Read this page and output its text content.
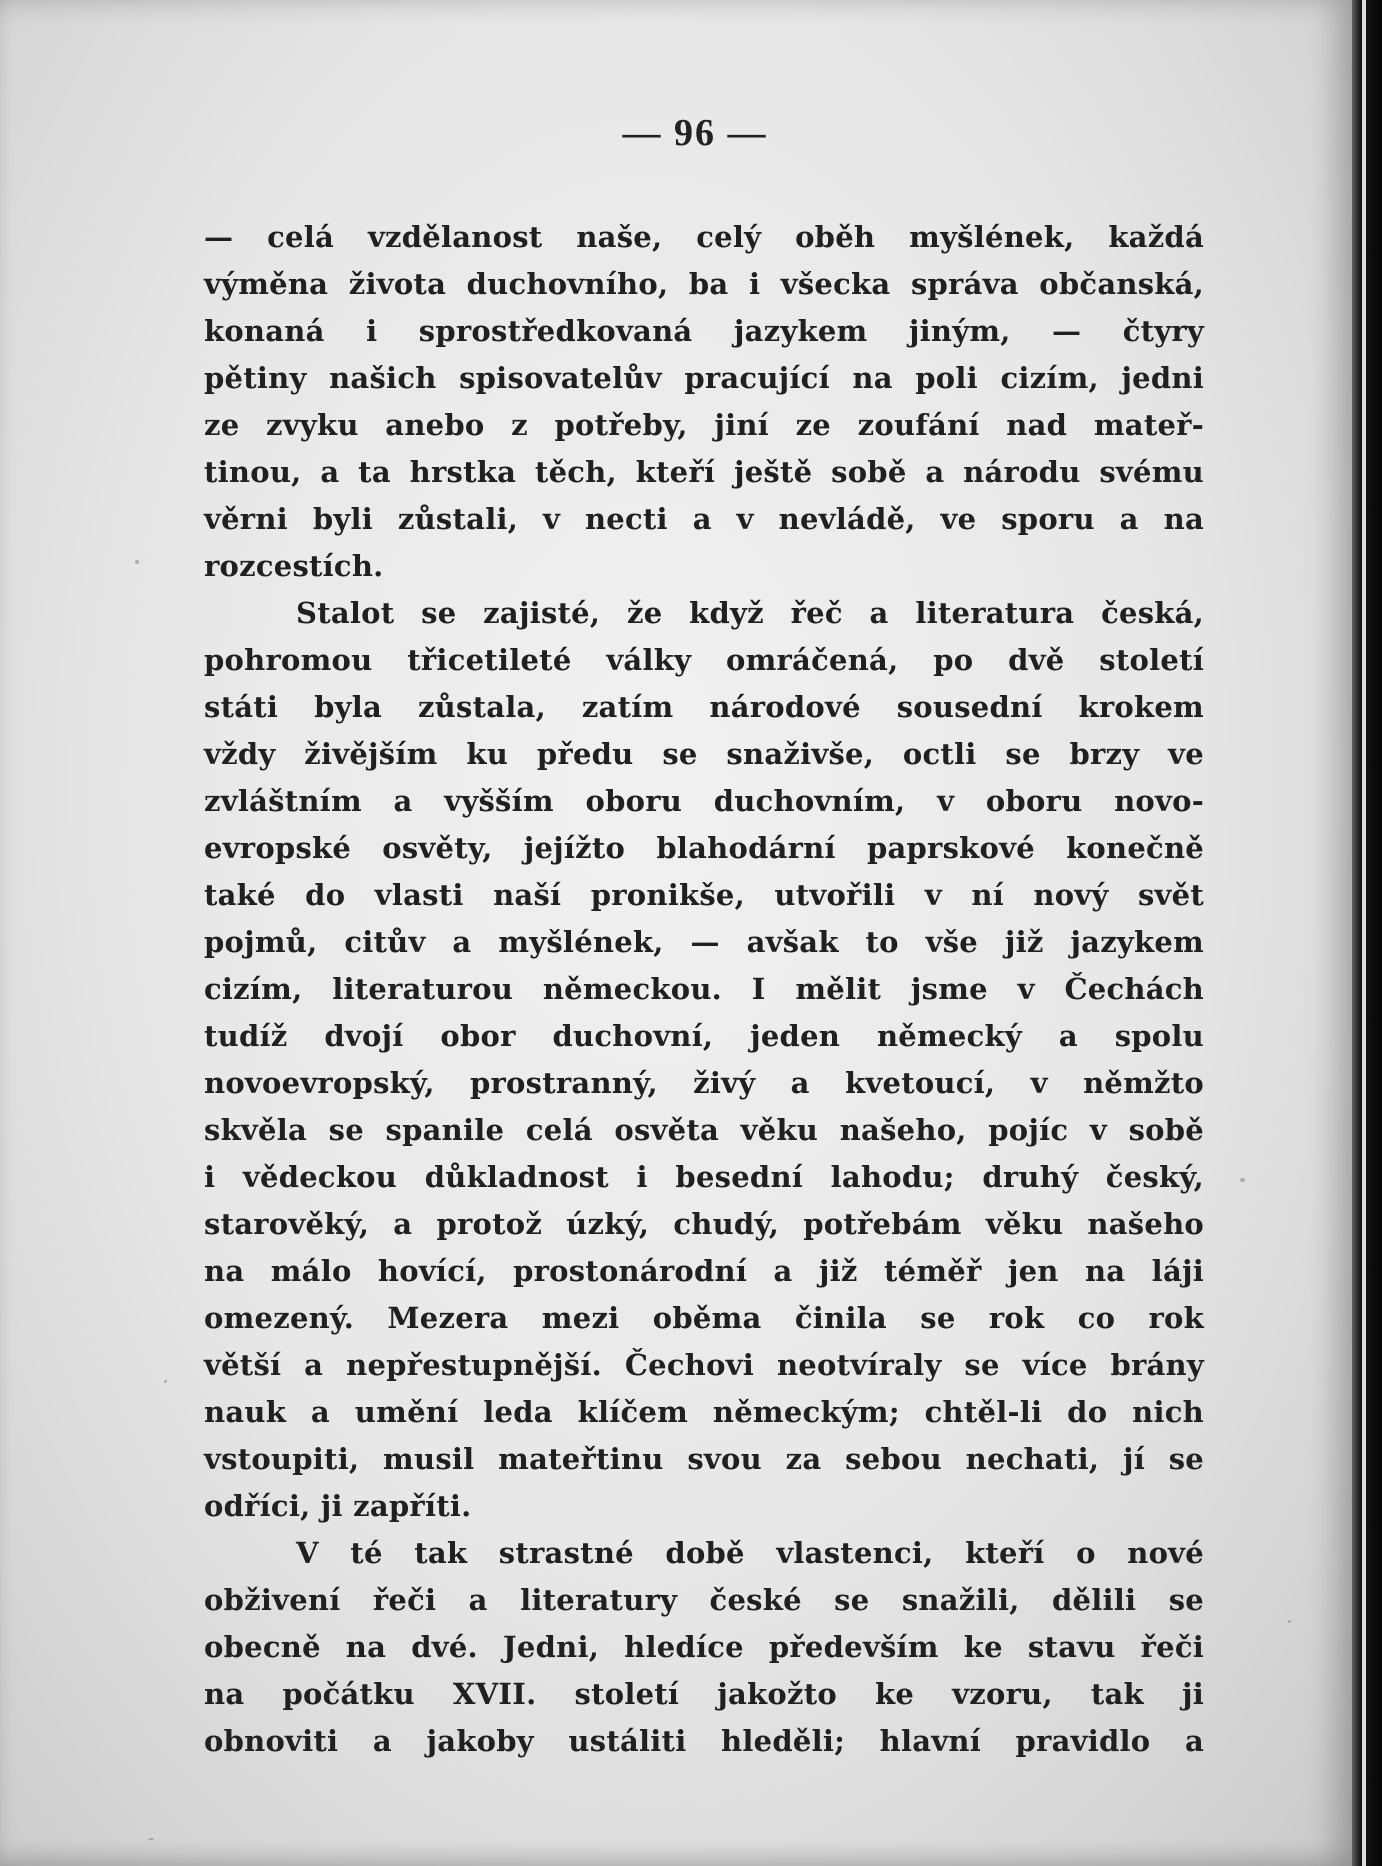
— 96 —
— celá vzdělanost naše, celý oběh myšlének, každá
výměna života duchovního, ba i všecka správa občanská,
konaná i sprostředkovaná jazykem jiným, — čtyry
pětiny našich spisovatelův pracující na poli cizím, jedni
ze zvyku anebo z potřeby, jiní ze zoufání nad mateř-
tinou, a ta hrstka těch, kteří ještě sobě a národu svému
věrni byli zůstali, v necti a v nevládě, ve sporu a na
rozcestích.
Stalot se zajisté, že když řeč a literatura česká,
pohromou třicetileté války omráčená, po dvě století
státi byla zůstala, zatím národové sousední krokem
vždy živějším ku předu se snaživše, octli se brzy ve
zvláštním a vyšším oboru duchovním, v oboru novo-
evropské osvěty, jejížto blahodární paprskové konečně
také do vlasti naší pronikše, utvořili v ní nový svět
pojmů, citův a myšlének, — avšak to vše již jazykem
cizím, literaturou německou. I mělit jsme v Čechách
tudíž dvojí obor duchovní, jeden německý a spolu
novoevropský, prostranný, živý a kvetoucí, v němžto
skvěla se spanile celá osvěta věku našeho, pojíc v sobě
i vědeckou důkladnost i besední lahodu; druhý český,
starověký, a protož úzký, chudý, potřebám věku našeho
na málo hovící, prostonárodní a již téměř jen na láji
omezený. Mezera mezi oběma činila se rok co rok
větší a nepřestupnější. Čechovi neotvíraly se více brány
nauk a umění leda klíčem německým; chtěl-li do nich
vstoupiti, musil mateřtinu svou za sebou nechati, jí se
odříci, ji zapříti.
V té tak strastné době vlastenci, kteří o nové
obživení řeči a literatury české se snažili, dělili se
obecně na dvé. Jedni, hledíce především ke stavu řeči
na počátku XVII. století jakožto ke vzoru, tak ji
obnoviti a jakoby ustáliti hleděli; hlavní pravidlo a
